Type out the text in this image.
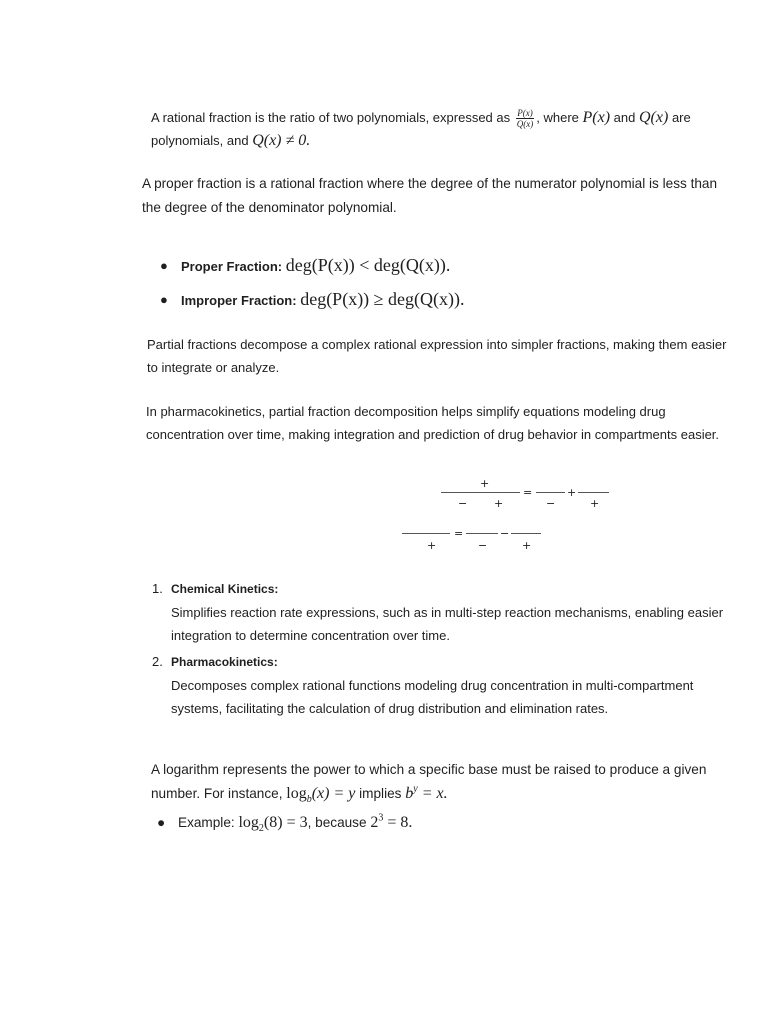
A rational fraction is the ratio of two polynomials, expressed as $\frac{P(x)}{Q(x)}$ , where P(x) and Q(x) are
polynomials, and Q(x) ≠ 0.
A proper fraction is a rational fraction where the degree of the numerator polynomial is less than the degree of the denominator polynomial.
● Proper Fraction: deg(P(x)) < deg(Q(x)).
● Improper Fraction: deg(P(x)) ≥ deg(Q(x)).
Partial fractions decompose a complex rational expression into simpler fractions, making them easier to integrate or analyze.
In pharmacokinetics, partial fraction decomposition helps simplify equations modeling drug concentration over time, making integration and prediction of drug behavior in compartments easier.
+
− +
=	+
−	+
+
=
−
−
+
1. Chemical Kinetics:
Simplifies reaction rate expressions, such as in multi-step reaction mechanisms, enabling easier integration to determine concentration over time.
2. Pharmacokinetics:
Decomposes complex rational functions modeling drug concentration in multi-compartment systems, facilitating the calculation of drug distribution and elimination rates.
A logarithm represents the power to which a specific base must be raised to produce a given
number. For instance, $\log_b(x) = y$ implies $b^y = x$.
● Example: $\log_2(8) = 3$, because $2^3 = 8$.
